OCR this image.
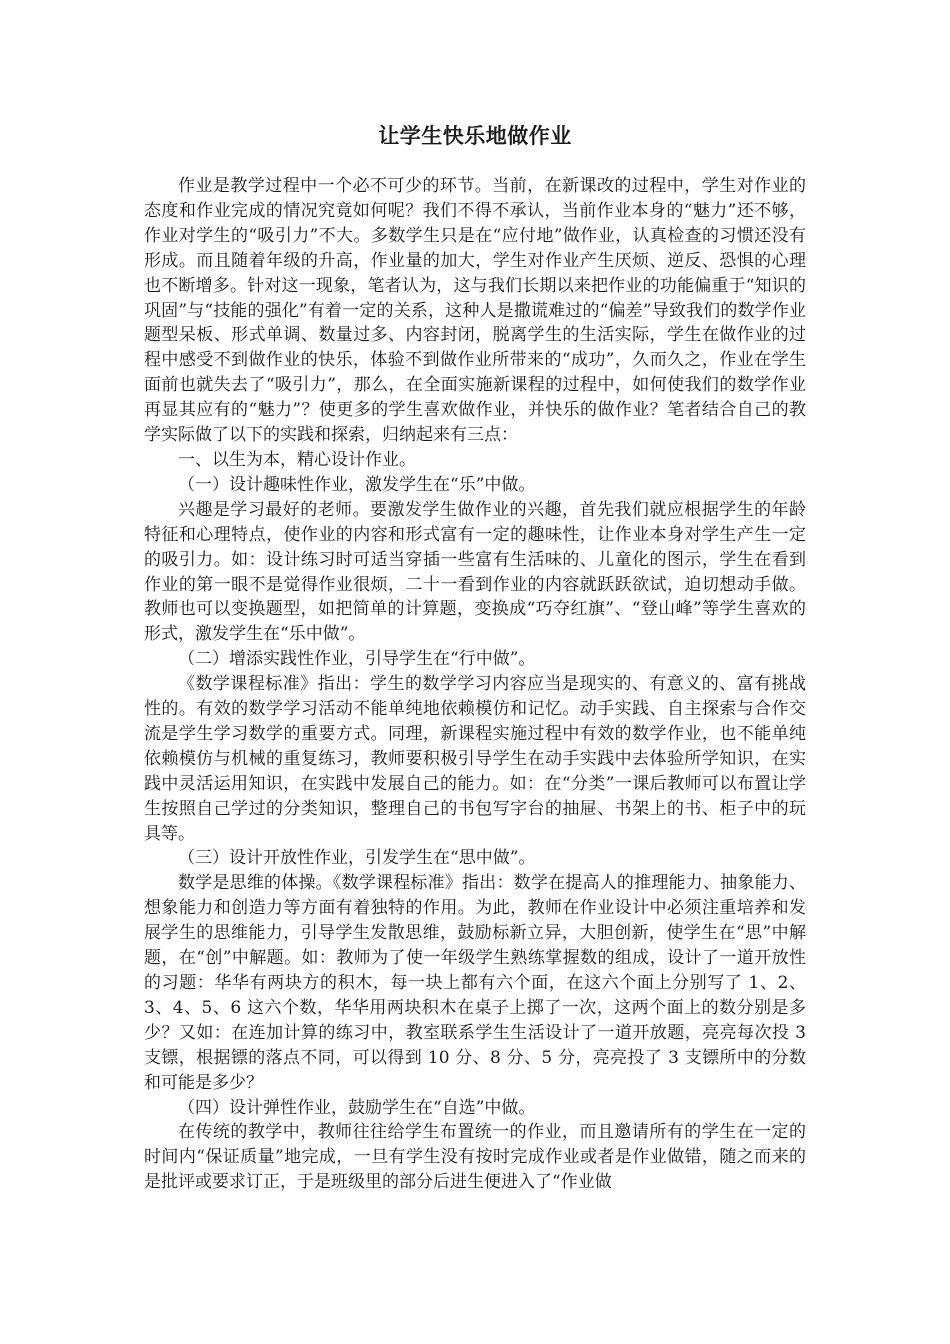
让学生快乐地做作业

作业是教学过程中一个必不可少的环节。当前，在新课改的过程中，学生对作业的态度和作业完成的情况究竟如何呢？我们不得不承认，当前作业本身的“魅力”还不够，作业对学生的“吸引力”不大。多数学生只是在“应付地”做作业，认真检查的习惯还没有形成。而且随着年级的升高，作业量的加大，学生对作业产生厌烦、逆反、恐惧的心理也不断增多。针对这一现象，笔者认为，这与我们长期以来把作业的功能偏重于“知识的巩固”与“技能的强化”有着一定的关系，这种人是撒谎难过的“偏差”导致我们的数学作业题型呆板、形式单调、数量过多、内容封闭，脱离学生的生活实际，学生在做作业的过程中感受不到做作业的快乐，体验不到做作业所带来的“成功”，久而久之，作业在学生面前也就失去了“吸引力”，那么，在全面实施新课程的过程中，如何使我们的数学作业再显其应有的“魅力”？使更多的学生喜欢做作业，并快乐的做作业？笔者结合自己的教学实际做了以下的实践和探索，归纳起来有三点：

一、以生为本，精心设计作业。

（一）设计趣味性作业，激发学生在“乐”中做。

兴趣是学习最好的老师。要激发学生做作业的兴趣，首先我们就应根据学生的年龄特征和心理特点，使作业的内容和形式富有一定的趣味性，让作业本身对学生产生一定的吸引力。如：设计练习时可适当穿插一些富有生活味的、儿童化的图示，学生在看到作业的第一眼不是觉得作业很烦，二十一看到作业的内容就跃跃欲试，迫切想动手做。教师也可以变换题型，如把简单的计算题，变换成“巧夺红旗”、“登山峰”等学生喜欢的形式，激发学生在“乐中做”。

（二）增添实践性作业，引导学生在“行中做”。

《数学课程标准》指出：学生的数学学习内容应当是现实的、有意义的、富有挑战性的。有效的数学学习活动不能单纯地依赖模仿和记忆。动手实践、自主探索与合作交流是学生学习数学的重要方式。同理，新课程实施过程中有效的数学作业，也不能单纯依赖模仿与机械的重复练习，教师要积极引导学生在动手实践中去体验所学知识，在实践中灵活运用知识，在实践中发展自己的能力。如：在“分类”一课后教师可以布置让学生按照自己学过的分类知识，整理自己的书包写字台的抽屉、书架上的书、柜子中的玩具等。

（三）设计开放性作业，引发学生在“思中做”。

数学是思维的体操。《数学课程标准》指出：数学在提高人的推理能力、抽象能力、想象能力和创造力等方面有着独特的作用。为此，教师在作业设计中必须注重培养和发展学生的思维能力，引导学生发散思维，鼓励标新立异，大胆创新，使学生在“思”中解题，在“创”中解题。如：教师为了使一年级学生熟练掌握数的组成，设计了一道开放性的习题：华华有两块方的积木，每一块上都有六个面，在这六个面上分别写了 1、2、3、4、5、6 这六个数，华华用两块积木在桌子上掷了一次，这两个面上的数分别是多少？又如：在连加计算的练习中，教室联系学生生活设计了一道开放题，亮亮每次投 3 支镖，根据镖的落点不同，可以得到 10 分、8 分、5 分，亮亮投了 3 支镖所中的分数和可能是多少？

（四）设计弹性作业，鼓励学生在“自选”中做。

在传统的教学中，教师往往给学生布置统一的作业，而且邀请所有的学生在一定的时间内“保证质量”地完成，一旦有学生没有按时完成作业或者是作业做错，随之而来的是批评或要求订正，于是班级里的部分后进生便进入了“作业做
